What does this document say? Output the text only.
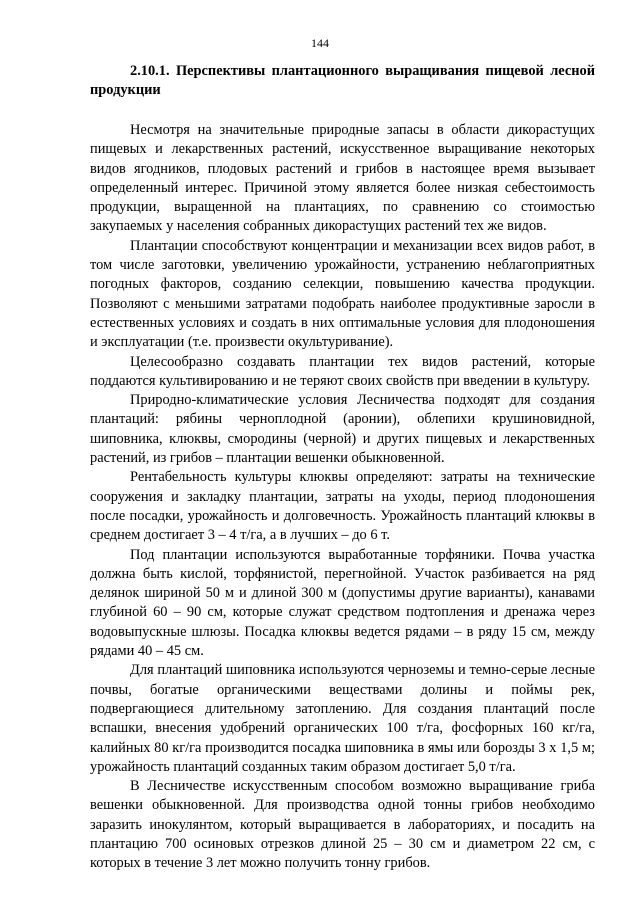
144

2.10.1. Перспективы плантационного выращивания пищевой лесной продукции

Несмотря на значительные природные запасы в области дикорастущих пищевых и лекарственных растений, искусственное выращивание некоторых видов ягодников, плодовых растений и грибов в настоящее время вызывает определенный интерес. Причиной этому является более низкая себестоимость продукции, выращенной на плантациях, по сравнению со стоимостью закупаемых у населения собранных дикорастущих растений тех же видов.

Плантации способствуют концентрации и механизации всех видов работ, в том числе заготовки, увеличению урожайности, устранению неблагоприятных погодных факторов, созданию селекции, повышению качества продукции. Позволяют с меньшими затратами подобрать наиболее продуктивные заросли в естественных условиях и создать в них оптимальные условия для плодоношения и эксплуатации (т.е. произвести окультуривание).

Целесообразно создавать плантации тех видов растений, которые поддаются культивированию и не теряют своих свойств при введении в культуру.

Природно-климатические условия Лесничества подходят для создания плантаций: рябины черноплодной (аронии), облепихи крушиновидной, шиповника, клюквы, смородины (черной) и других пищевых и лекарственных растений, из грибов – плантации вешенки обыкновенной.

Рентабельность культуры клюквы определяют: затраты на технические сооружения и закладку плантации, затраты на уходы, период плодоношения после посадки, урожайность и долговечность. Урожайность плантаций клюквы в среднем достигает 3 – 4 т/га, а в лучших – до 6 т.

Под плантации используются выработанные торфяники. Почва участка должна быть кислой, торфянистой, перегнойной. Участок разбивается на ряд делянок шириной 50 м и длиной 300 м (допустимы другие варианты), канавами глубиной 60 – 90 см, которые служат средством подтопления и дренажа через водовыпускные шлюзы. Посадка клюквы ведется рядами – в ряду 15 см, между рядами 40 – 45 см.

Для плантаций шиповника используются черноземы и темно-серые лесные почвы, богатые органическими веществами долины и поймы рек, подвергающиеся длительному затоплению. Для создания плантаций после вспашки, внесения удобрений органических 100 т/га, фосфорных 160 кг/га, калийных 80 кг/га производится посадка шиповника в ямы или борозды 3 х 1,5 м; урожайность плантаций созданных таким образом достигает 5,0 т/га.

В Лесничестве искусственным способом возможно выращивание гриба вешенки обыкновенной. Для производства одной тонны грибов необходимо заразить инокулянтом, который выращивается в лабораториях, и посадить на плантацию 700 осиновых отрезков длиной 25 – 30 см и диаметром 22 см, с которых в течение 3 лет можно получить тонну грибов.
